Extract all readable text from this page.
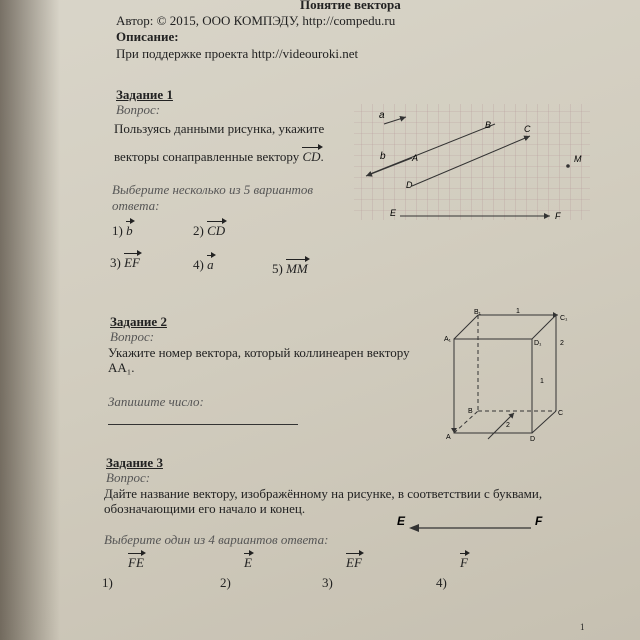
Понятие вектора
Автор: © 2015, ООО КОМПЭДУ, http://compedu.ru
Описание:
При поддержке проекта http://videouroki.net
Задание 1
Вопрос:
Пользуясь данными рисунка, укажите
векторы сонаправленные вектору CD.
Выберите несколько из 5 вариантов
ответа:
1) b	2) CD
3) EF	4) a	5) MM
a
b
B	C
A
D
M
E	F
Задание 2
Вопрос:
Укажите номер вектора, который коллинеарен вектору
AA₁.
Запишите число:
B₁
C₁
A₁
D₁
A
B	C
D
1
2
1
2
Задание 3
Вопрос:
Дайте название вектору, изображённому на рисунке, в соответствии с буквами,
обозначающими его начало и конец.
E	F
Выберите один из 4 вариантов ответа:
FE
1)
E
2)
EF
3)
F
4)
1
